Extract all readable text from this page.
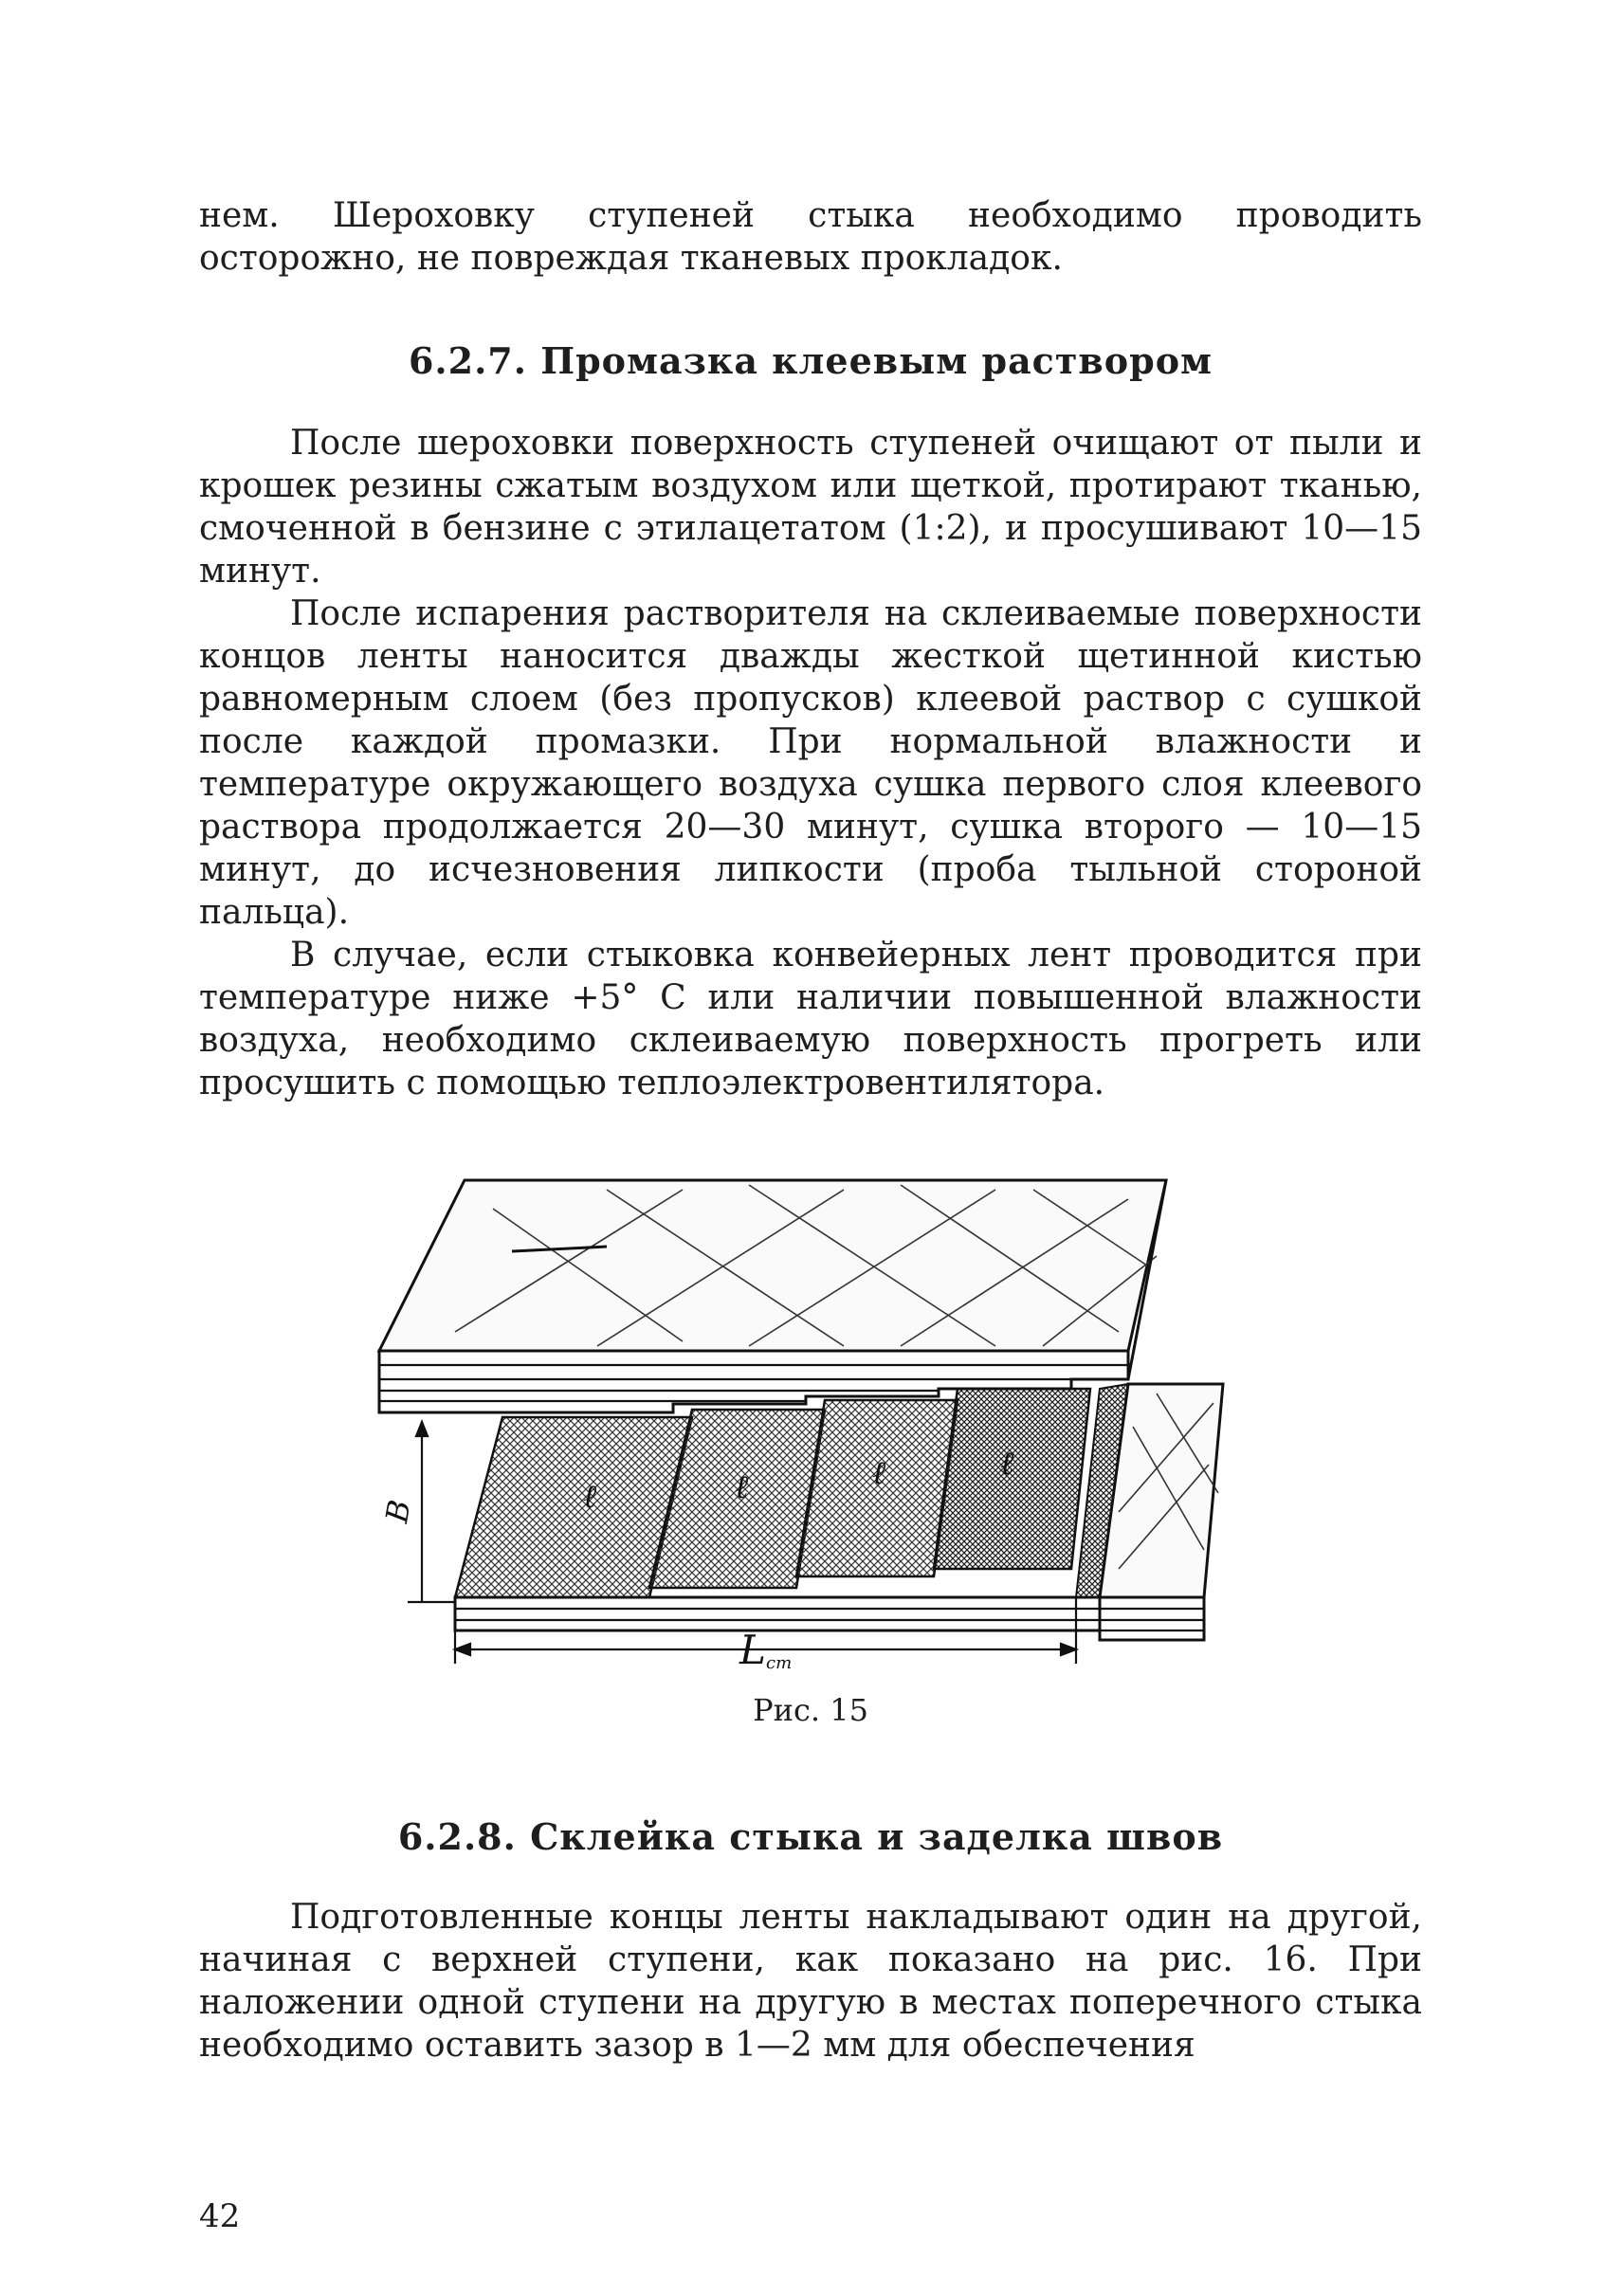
нем. Шероховку ступеней стыка необходимо проводить осторожно, не повреждая тканевых прокладок.

6.2.7. Промазка клеевым раствором

После шероховки поверхность ступеней очищают от пыли и крошек резины сжатым воздухом или щеткой, протирают тканью, смоченной в бензине с этилацетатом (1:2), и просушивают 10—15 минут.

После испарения растворителя на склеиваемые поверхности концов ленты наносится дважды жесткой щетинной кистью равномерным слоем (без пропусков) клеевой раствор с сушкой после каждой промазки. При нормальной влажности и температуре окружающего воздуха сушка первого слоя клеевого раствора продолжается 20—30 минут, сушка второго — 10—15 минут, до исчезновения липкости (проба тыльной стороной пальца).

В случае, если стыковка конвейерных лент проводится при температуре ниже +5° С или наличии повышенной влажности воздуха, необходимо склеиваемую поверхность прогреть или просушить с помощью теплоэлектровентилятора.

ℓ	ℓ	ℓ	ℓ
В
L ст
Рис. 15
6.2.8. Склейка стыка и заделка швов

Подготовленные концы ленты накладывают один на другой, начиная с верхней ступени, как показано на рис. 16. При наложении одной ступени на другую в местах поперечного стыка необходимо оставить зазор в 1—2 мм для обеспечения

42
